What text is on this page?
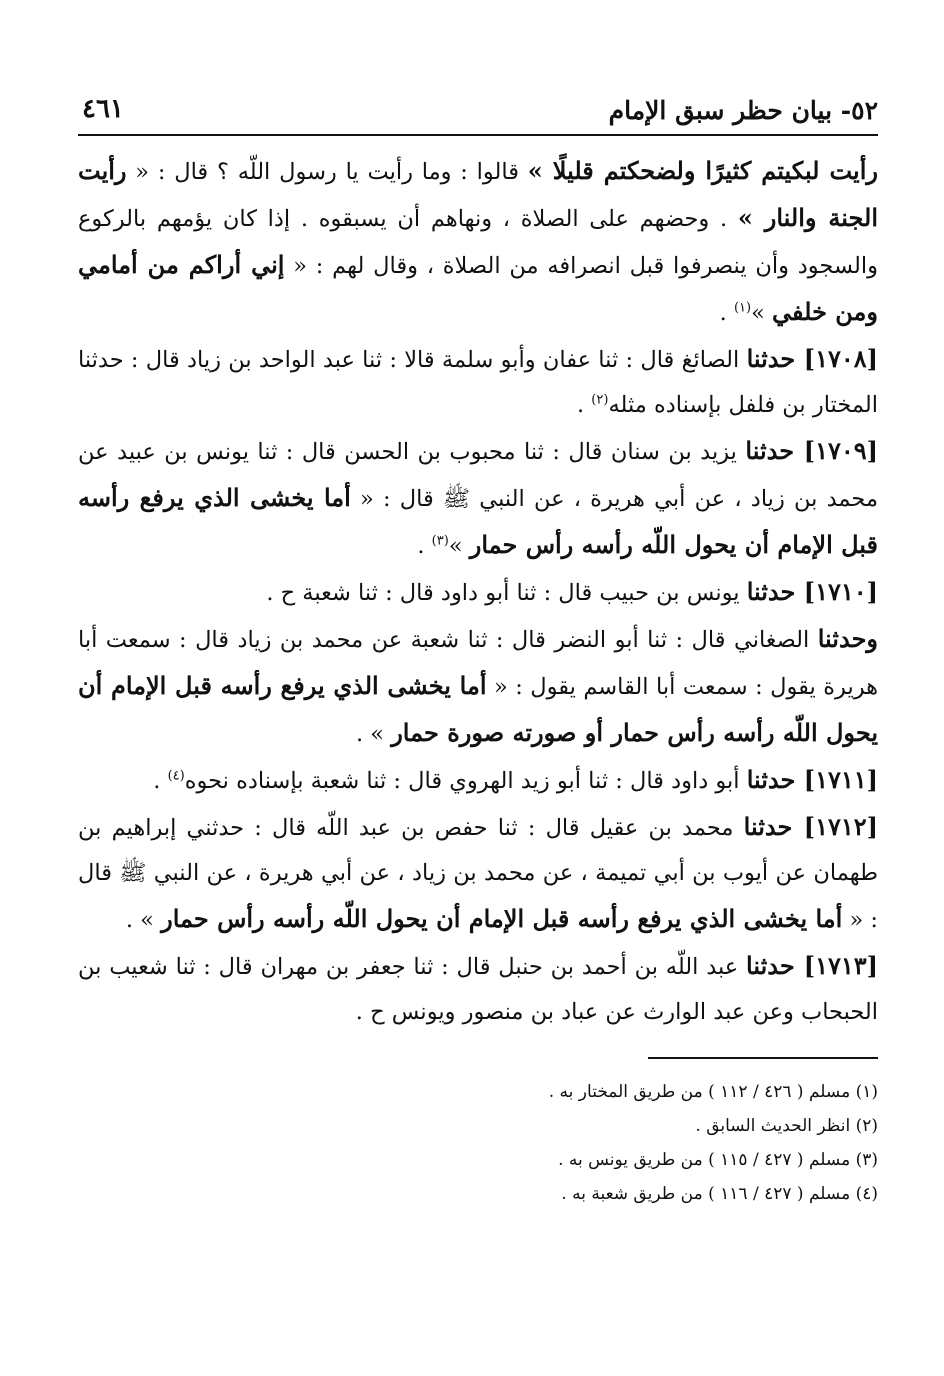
٥٢- بيان حظر سبق الإمام
٤٦١

رأيت لبكيتم كثيرًا ولضحكتم قليلًا » قالوا : وما رأيت يا رسول اللّه ؟ قال : « رأيت الجنة والنار » . وحضهم على الصلاة ، ونهاهم أن يسبقوه . إذا كان يؤمهم بالركوع والسجود وأن ينصرفوا قبل انصرافه من الصلاة ، وقال لهم : « إني أراكم من أمامي ومن خلفي »$^{(١)}$ .

[١٧٠٨] حدثنا الصائغ قال : ثنا عفان وأبو سلمة قالا : ثنا عبد الواحد بن زياد قال : حدثنا المختار بن فلفل بإسناده مثله$^{(٢)}$ .

[١٧٠٩] حدثنا يزيد بن سنان قال : ثنا محبوب بن الحسن قال : ثنا يونس بن عبيد عن محمد بن زياد ، عن أبي هريرة ، عن النبي ﷺ قال : « أما يخشى الذي يرفع رأسه قبل الإمام أن يحول اللّه رأسه رأس حمار »$^{(٣)}$ .

[١٧١٠] حدثنا يونس بن حبيب قال : ثنا أبو داود قال : ثنا شعبة ح .

وحدثنا الصغاني قال : ثنا أبو النضر قال : ثنا شعبة عن محمد بن زياد قال : سمعت أبا هريرة يقول : سمعت أبا القاسم يقول : « أما يخشى الذي يرفع رأسه قبل الإمام أن يحول اللّه رأسه رأس حمار أو صورته صورة حمار » .

[١٧١١] حدثنا أبو داود قال : ثنا أبو زيد الهروي قال : ثنا شعبة بإسناده نحوه$^{(٤)}$ .

[١٧١٢] حدثنا محمد بن عقيل قال : ثنا حفص بن عبد اللّه قال : حدثني إبراهيم بن طهمان عن أيوب بن أبي تميمة ، عن محمد بن زياد ، عن أبي هريرة ، عن النبي ﷺ قال : « أما يخشى الذي يرفع رأسه قبل الإمام أن يحول اللّه رأسه رأس حمار » .

[١٧١٣] حدثنا عبد اللّه بن أحمد بن حنبل قال : ثنا جعفر بن مهران قال : ثنا شعيب بن الحبحاب وعن عبد الوارث عن عباد بن منصور ويونس ح .

(١) مسلم ( ٤٢٦ / ١١٢ ) من طريق المختار به .

(٢) انظر الحديث السابق .

(٣) مسلم ( ٤٢٧ / ١١٥ ) من طريق يونس به .

(٤) مسلم ( ٤٢٧ / ١١٦ ) من طريق شعبة به .
